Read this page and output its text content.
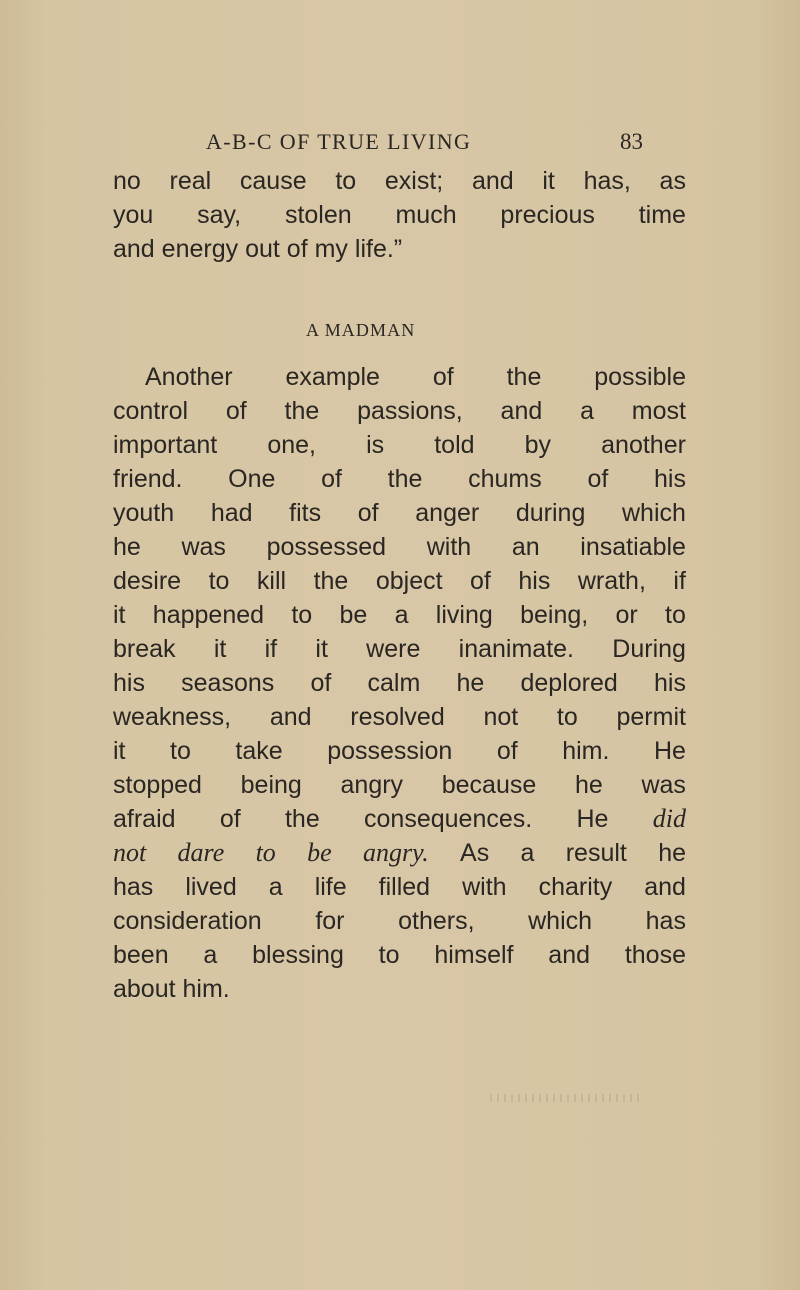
A-B-C OF TRUE LIVING	83
no real cause to exist; and it has, as
you say, stolen much precious time
and
energy
out
of
my
life.”
A MADMAN
Another example of the possible
control of the passions, and a most
important one, is told by another
friend. One of the chums of his
youth had fits of anger during which
he was possessed with an insatiable
desire to kill the object of his wrath, if
it happened to be a living being, or to
break it if it were inanimate. During
his seasons of calm he deplored his
weakness, and resolved not to permit
it to take possession of him. He
stopped being angry because he was
afraid of the consequences. He did
not dare to be angry. As a result he
has lived a life filled with charity and
consideration for others, which has
been a blessing to himself and those
about
him.
